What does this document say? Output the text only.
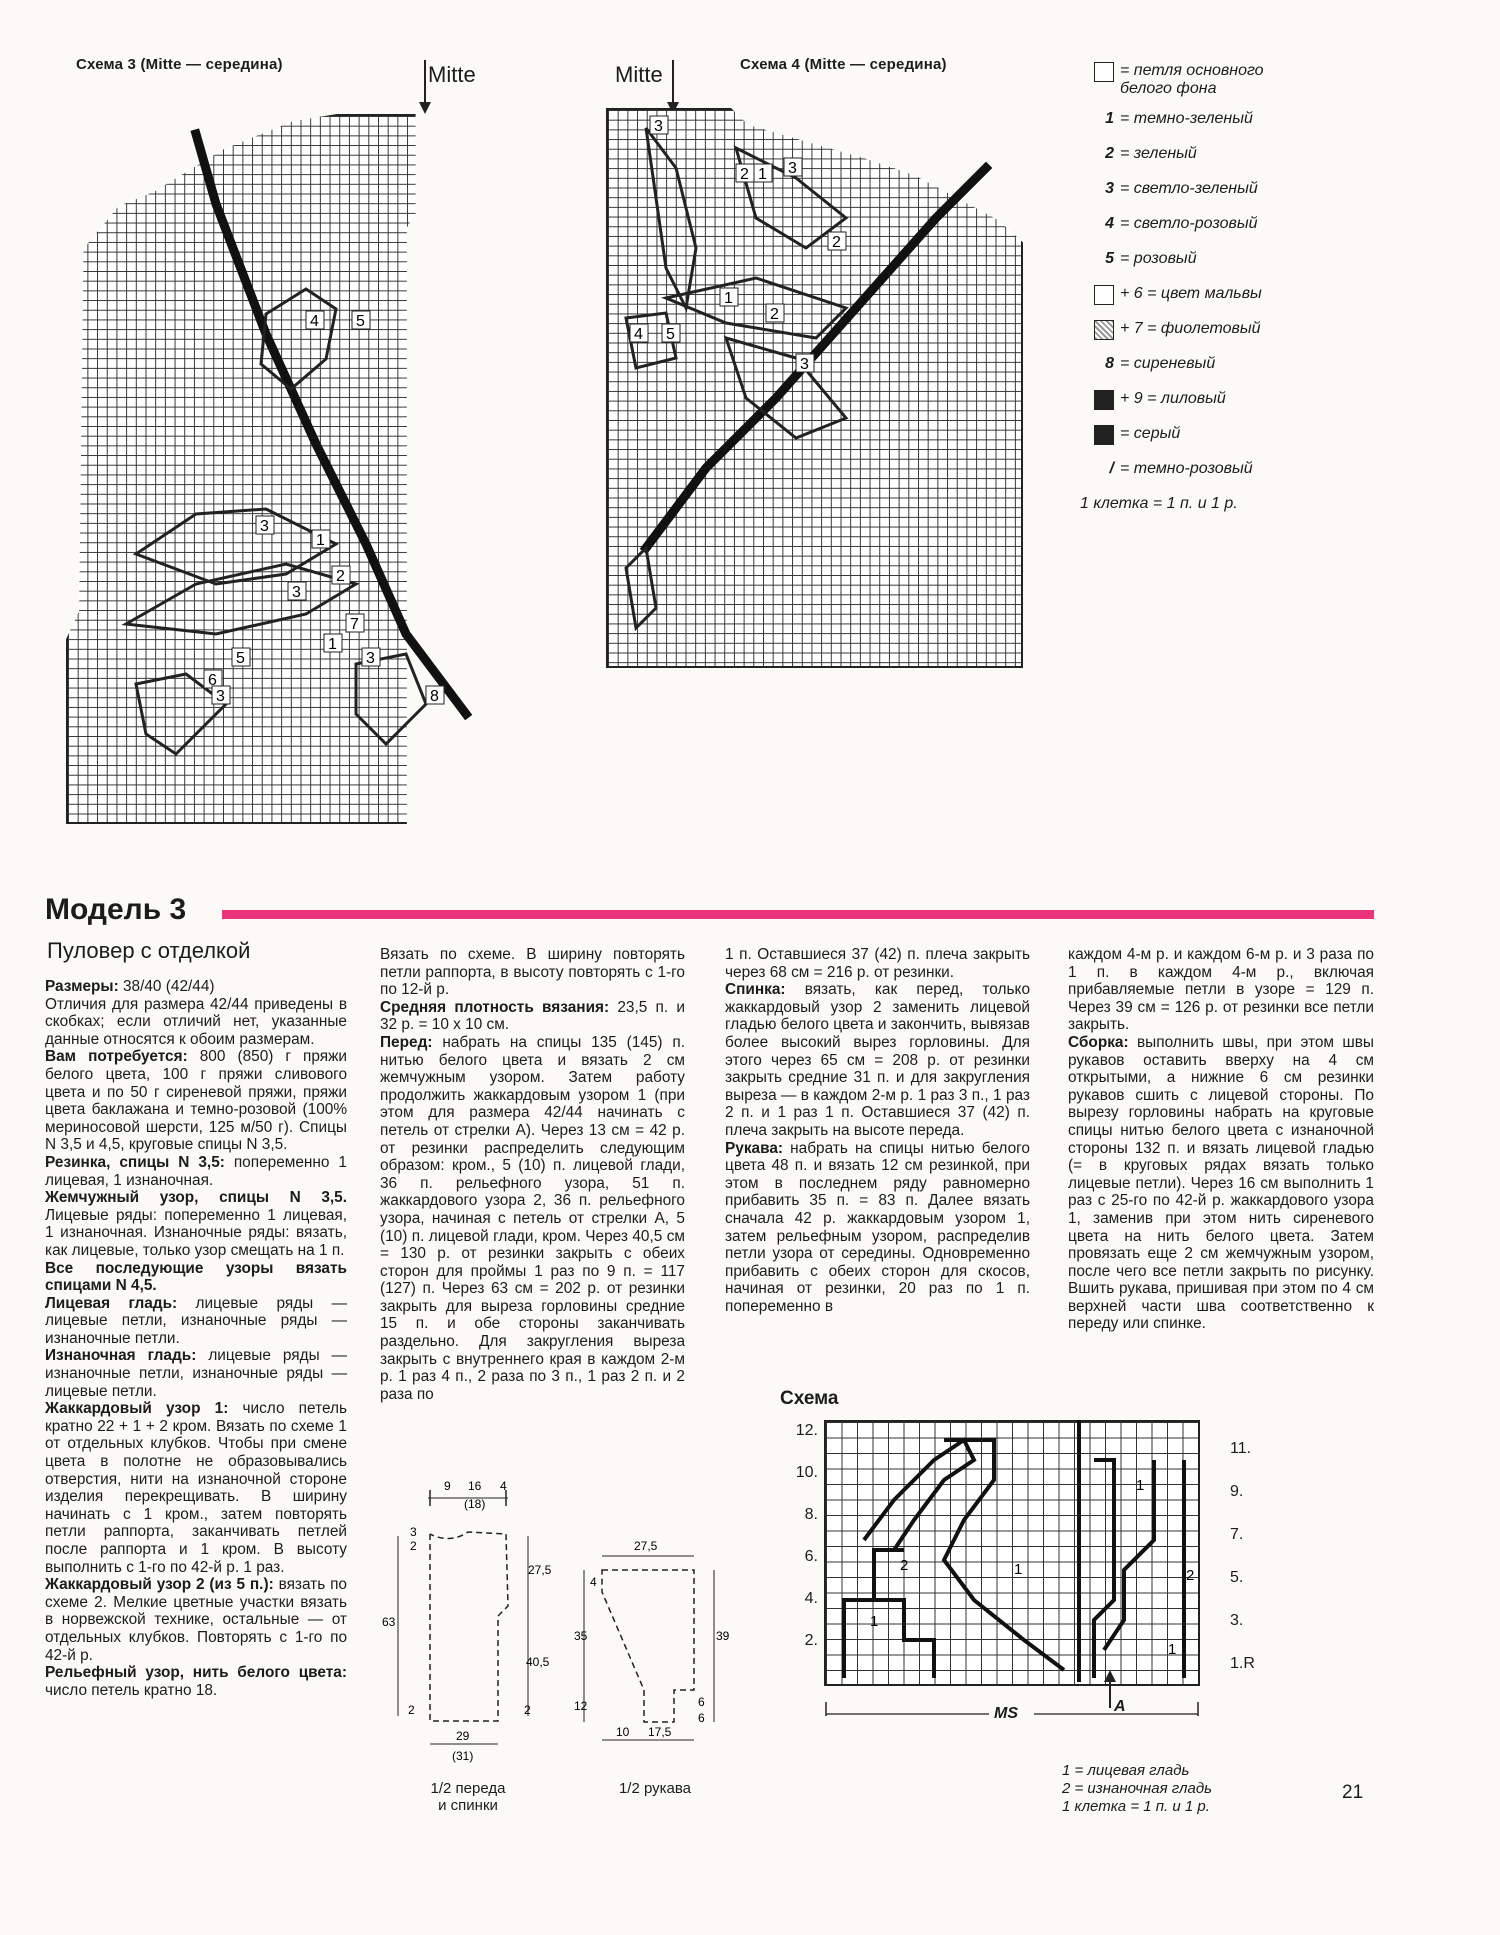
Схема 3 (Mitte — середина)	Mitte
4 5
3
1
2
3
7
1
3
5
6
3	8
Mitte	Схема 4 (Mitte — середина)
3
2 1 3
2
1
2
4 5
3
= петля основного
белого фона
1 = темно-зеленый
2 = зеленый
3 = светло-зеленый
4 = светло-розовый
5 = розовый
+ 6 = цвет мальвы
+ 7 = фиолетовый
8 = сиреневый
+ 9 = лиловый
= серый
/ = темно-розовый
1 клетка = 1 п. и 1 р.
Модель 3
Пуловер с отделкой

Размеры: 38/40 (42/44)

Отличия для размера 42/44 приведены в скобках; если отличий нет, указанные данные относятся к обоим размерам.

Вам потребуется: 800 (850) г пряжи белого цвета, 100 г пряжи сливового цвета и по 50 г сиреневой пряжи, пряжи цвета баклажана и темно-розовой (100% мериносовой шерсти, 125 м/50 г). Спицы N 3,5 и 4,5, круговые спицы N 3,5.

Резинка, спицы N 3,5: попеременно 1 лицевая, 1 изнаночная.

Жемчужный узор, спицы N 3,5. Лицевые ряды: попеременно 1 лицевая, 1 изнаночная. Изнаночные ряды: вязать, как лицевые, только узор смещать на 1 п.

Все последующие узоры вязать спицами N 4,5.

Лицевая гладь: лицевые ряды — лицевые петли, изнаночные ряды — изнаночные петли.

Изнаночная гладь: лицевые ряды — изнаночные петли, изнаночные ряды — лицевые петли.

Жаккардовый узор 1: число петель кратно 22 + 1 + 2 кром. Вязать по схеме 1 от отдельных клубков. Чтобы при смене цвета в полотне не образовывались отверстия, нити на изнаночной стороне изделия перекрещивать. В ширину начинать с 1 кром., затем повторять петли раппорта, заканчивать петлей после раппорта и 1 кром. В высоту выполнить с 1-го по 42-й р. 1 раз.

Жаккардовый узор 2 (из 5 п.): вязать по схеме 2. Мелкие цветные участки вязать в норвежской технике, остальные — от отдельных клубков. Повторять с 1-го по 42-й р.

Рельефный узор, нить белого цвета: число петель кратно 18.

Вязать по схеме. В ширину повторять петли раппорта, в высоту повторять с 1-го по 12-й р.

Средняя плотность вязания: 23,5 п. и 32 р. = 10 х 10 см.

Перед: набрать на спицы 135 (145) п. нитью белого цвета и вязать 2 см жемчужным узором. Затем работу продолжить жаккардовым узором 1 (при этом для размера 42/44 начинать с петель от стрелки А). Через 13 см = 42 р. от резинки распределить следующим образом: кром., 5 (10) п. лицевой глади, 36 п. рельефного узора, 51 п. жаккардового узора 2, 36 п. рельефного узора, начиная с петель от стрелки А, 5 (10) п. лицевой глади, кром. Через 40,5 см = 130 р. от резинки закрыть с обеих сторон для проймы 1 раз по 9 п. = 117 (127) п. Через 63 см = 202 р. от резинки закрыть для выреза горловины средние 15 п. и обе стороны заканчивать раздельно. Для закругления выреза закрыть с внутреннего края в каждом 2-м р. 1 раз 4 п., 2 раза по 3 п., 1 раз 2 п. и 2 раза по

1 п. Оставшиеся 37 (42) п. плеча закрыть через 68 см = 216 р. от резинки.

Спинка: вязать, как перед, только жаккардовый узор 2 заменить лицевой гладью белого цвета и закончить, вывязав более высокий вырез горловины. Для этого через 65 см = 208 р. от резинки закрыть средние 31 п. и для закругления выреза — в каждом 2-м р. 1 раз 3 п., 1 раз 2 п. и 1 раз 1 п. Оставшиеся 37 (42) п. плеча закрыть на высоте переда.

Рукава: набрать на спицы нитью белого цвета 48 п. и вязать 12 см резинкой, при этом в последнем ряду равномерно прибавить 35 п. = 83 п. Далее вязать сначала 42 р. жаккардовым узором 1, затем рельефным узором, распределив петли узора от середины. Одновременно прибавить с обеих сторон для скосов, начиная от резинки, 20 раз по 1 п. попеременно в

каждом 4-м р. и каждом 6-м р. и 3 раза по 1 п. в каждом 4-м р., включая прибавляемые петли в узоре = 129 п. Через 39 см = 126 р. от резинки все петли закрыть.

Сборка: выполнить швы, при этом швы рукавов оставить вверху на 4 см открытыми, а нижние 6 см резинки рукавов сшить с лицевой стороны. По вырезу горловины набрать на круговые спицы нитью белого цвета с изнаночной стороны 132 п. и вязать лицевой гладью (= в круговых рядах вязать только лицевые петли). Через 16 см выполнить 1 раз с 25-го по 42-й р. жаккардового узора 1, заменив при этом нить сиреневого цвета на нить белого цвета. Затем провязать еще 2 см жемчужным узором, после чего все петли закрыть по рисунку. Вшить рукава, пришивая при этом по 4 см верхней части шва соответственно к переду или спинке.

9 16
(18)
4
3
2
63
27,5
40,5
2	2
29
(31)
1/2 переда
и спинки
27,5
4
35
12
39
6
6
10 17,5
1/2 рукава
Схема
12.
10.
8.
6.
4.
2.
1
2	1	2
1
1
11.
9.
7.
5.
3.
1.R
A
MS
1 = лицевая гладь
2 = изнаночная гладь
1 клетка = 1 п. и 1 р.
21
